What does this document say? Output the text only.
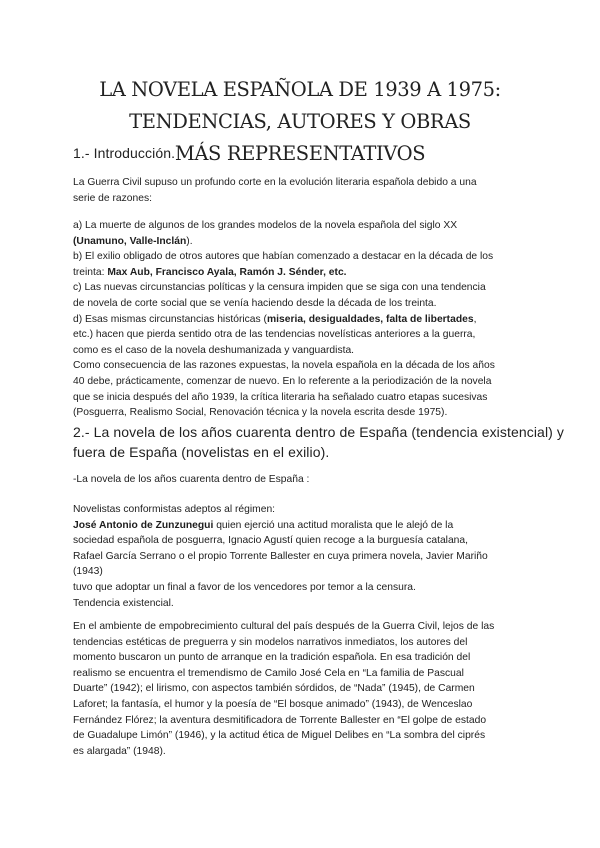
LA NOVELA ESPAÑOLA DE 1939 A 1975: TENDENCIAS, AUTORES Y OBRAS
MÁS REPRESENTATIVOS
1.- Introducción.
La Guerra Civil supuso un profundo corte en la evolución literaria española debido a una
serie de razones:
a) La muerte de algunos de los grandes modelos de la novela española del siglo XX
(Unamuno, Valle-Inclán).
b) El exilio obligado de otros autores que habían comenzado a destacar en la década de los
treinta: Max Aub, Francisco Ayala, Ramón J. Sénder, etc.
c) Las nuevas circunstancias políticas y la censura impiden que se siga con una tendencia
de novela de corte social que se venía haciendo desde la década de los treinta.
d) Esas mismas circunstancias históricas (miseria, desigualdades, falta de libertades,
etc.) hacen que pierda sentido otra de las tendencias novelísticas anteriores a la guerra,
como es el caso de la novela deshumanizada y vanguardista.
Como consecuencia de las razones expuestas, la novela española en la década de los años
40 debe, prácticamente, comenzar de nuevo. En lo referente a la periodización de la novela
que se inicia después del año 1939, la crítica literaria ha señalado cuatro etapas sucesivas
(Posguerra, Realismo Social, Renovación técnica y la novela escrita desde 1975).
2.- La novela de los años cuarenta dentro de España (tendencia existencial) y
fuera de España (novelistas en el exilio).
-La novela de los años cuarenta dentro de España :
Novelistas conformistas adeptos al régimen:
José Antonio de Zunzunegui quien ejerció una actitud moralista que le alejó de la
sociedad española de posguerra, Ignacio Agustí quien recoge a la burguesía catalana,
Rafael García Serrano o el propio Torrente Ballester en cuya primera novela, Javier Mariño
(1943)
tuvo que adoptar un final a favor de los vencedores por temor a la censura.
Tendencia existencial.
En el ambiente de empobrecimiento cultural del país después de la Guerra Civil, lejos de las
tendencias estéticas de preguerra y sin modelos narrativos inmediatos, los autores del
momento buscaron un punto de arranque en la tradición española. En esa tradición del
realismo se encuentra el tremendismo de Camilo José Cela en “La familia de Pascual
Duarte” (1942); el lirismo, con aspectos también sórdidos, de “Nada” (1945), de Carmen
Laforet; la fantasía, el humor y la poesía de “El bosque animado” (1943), de Wenceslao
Fernández Flórez; la aventura desmitificadora de Torrente Ballester en “El golpe de estado
de Guadalupe Limón” (1946), y la actitud ética de Miguel Delibes en “La sombra del ciprés
es alargada” (1948).
